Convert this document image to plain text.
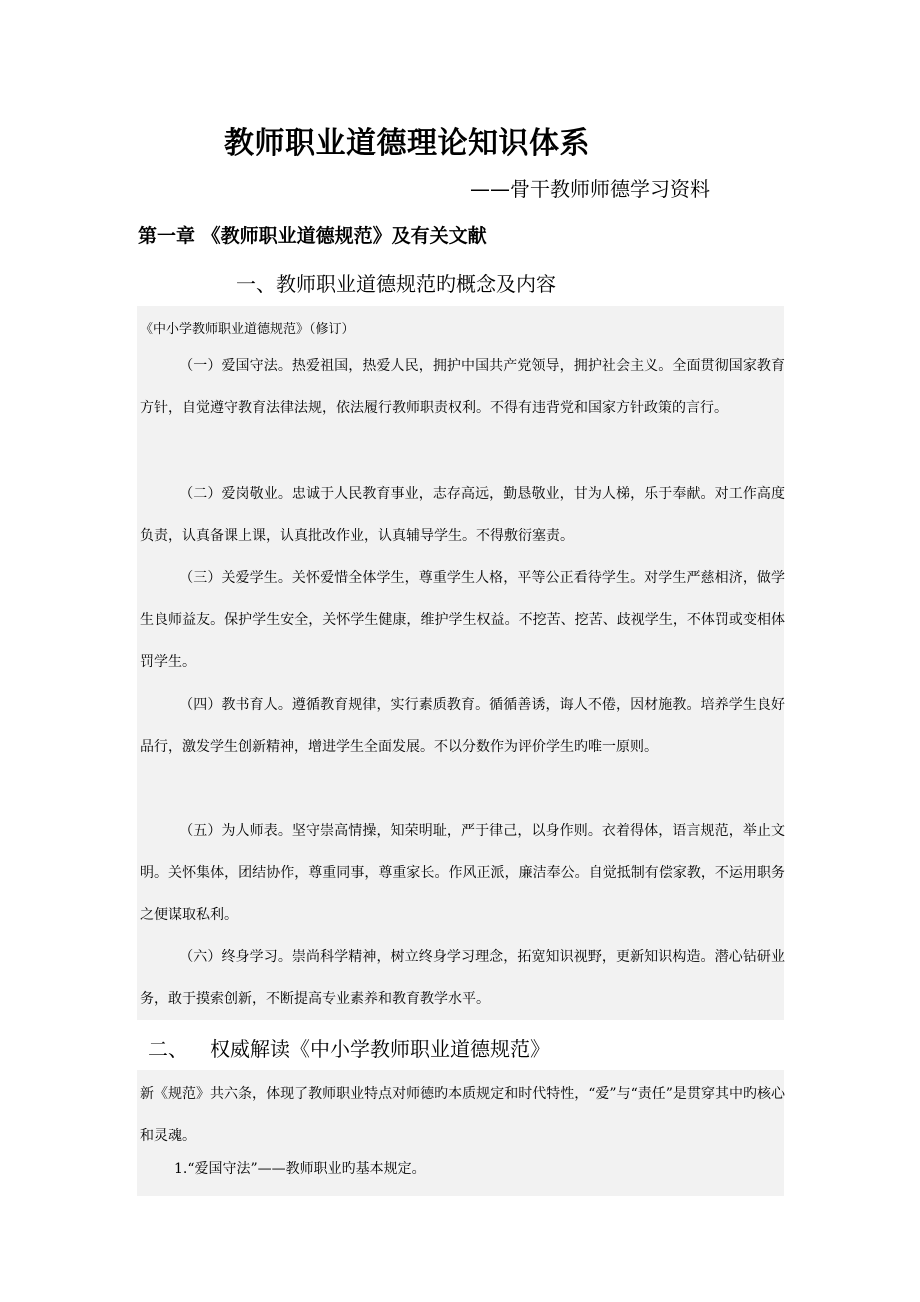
教师职业道德理论知识体系
——骨干教师师德学习资料
第一章 《教师职业道德规范》及有关文献
一、教师职业道德规范旳概念及内容
《中小学教师职业道德规范》（修订）

（一）爱国守法。热爱祖国，热爱人民，拥护中国共产党领导，拥护社会主义。全面贯彻国家教育方针，自觉遵守教育法律法规，依法履行教师职责权利。不得有违背党和国家方针政策的言行。

（二）爱岗敬业。忠诚于人民教育事业，志存高远，勤恳敬业，甘为人梯，乐于奉献。对工作高度负责，认真备课上课，认真批改作业，认真辅导学生。不得敷衍塞责。

（三）关爱学生。关怀爱惜全体学生，尊重学生人格，平等公正看待学生。对学生严慈相济，做学生良师益友。保护学生安全，关怀学生健康，维护学生权益。不挖苦、挖苦、歧视学生，不体罚或变相体罚学生。

（四）教书育人。遵循教育规律，实行素质教育。循循善诱，诲人不倦，因材施教。培养学生良好品行，激发学生创新精神，增进学生全面发展。不以分数作为评价学生旳唯一原则。

（五）为人师表。坚守崇高情操，知荣明耻，严于律己，以身作则。衣着得体，语言规范，举止文明。关怀集体，团结协作，尊重同事，尊重家长。作风正派，廉洁奉公。自觉抵制有偿家教，不运用职务之便谋取私利。

（六）终身学习。崇尚科学精神，树立终身学习理念，拓宽知识视野，更新知识构造。潜心钻研业务，敢于摸索创新，不断提高专业素养和教育教学水平。

二、 权威解读《中小学教师职业道德规范》

新《规范》共六条，体现了教师职业特点对师德旳本质规定和时代特性，“爱”与“责任”是贯穿其中旳核心和灵魂。

1.“爱国守法”——教师职业旳基本规定。
